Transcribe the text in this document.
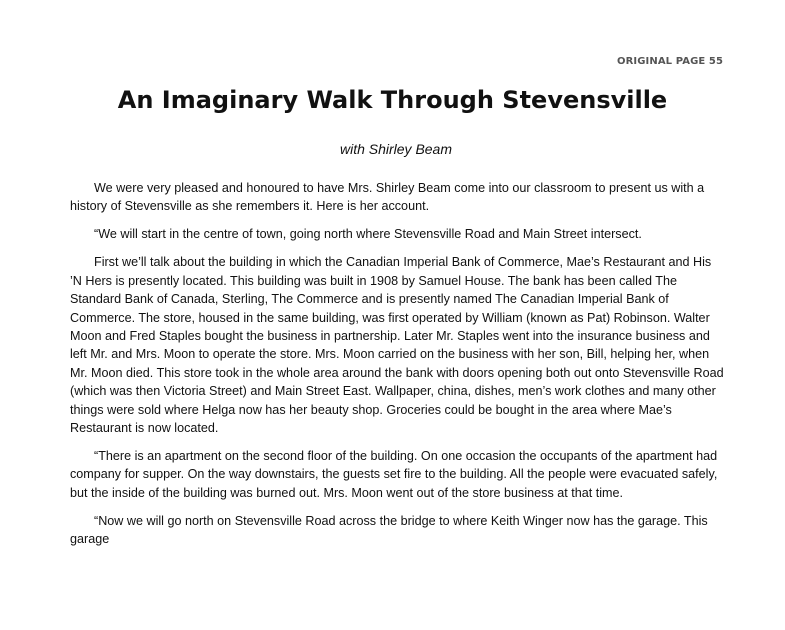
ORIGINAL PAGE 55
An Imaginary Walk Through Stevensville
with Shirley Beam

We were very pleased and honoured to have Mrs. Shirley Beam come into our classroom to present us with a history of Stevensville as she remembers it. Here is her account.

“We will start in the centre of town, going north where Stevensville Road and Main Street intersect.

First we’ll talk about the building in which the Canadian Imperial Bank of Commerce, Mae’s Restaurant and His ’N Hers is presently located. This building was built in 1908 by Samuel House. The bank has been called The Standard Bank of Canada, Sterling, The Commerce and is presently named The Canadian Imperial Bank of Commerce. The store, housed in the same building, was first operated by William (known as Pat) Robinson. Walter Moon and Fred Staples bought the business in partnership. Later Mr. Staples went into the insurance business and left Mr. and Mrs. Moon to operate the store. Mrs. Moon carried on the business with her son, Bill, helping her, when Mr. Moon died. This store took in the whole area around the bank with doors opening both out onto Stevensville Road (which was then Victoria Street) and Main Street East. Wallpaper, china, dishes, men’s work clothes and many other things were sold where Helga now has her beauty shop. Groceries could be bought in the area where Mae’s Restaurant is now located.

“There is an apartment on the second floor of the building. On one occasion the occupants of the apartment had company for supper. On the way downstairs, the guests set fire to the building. All the people were evacuated safely, but the inside of the building was burned out. Mrs. Moon went out of the store business at that time.

“Now we will go north on Stevensville Road across the bridge to where Keith Winger now has the garage. This garage
